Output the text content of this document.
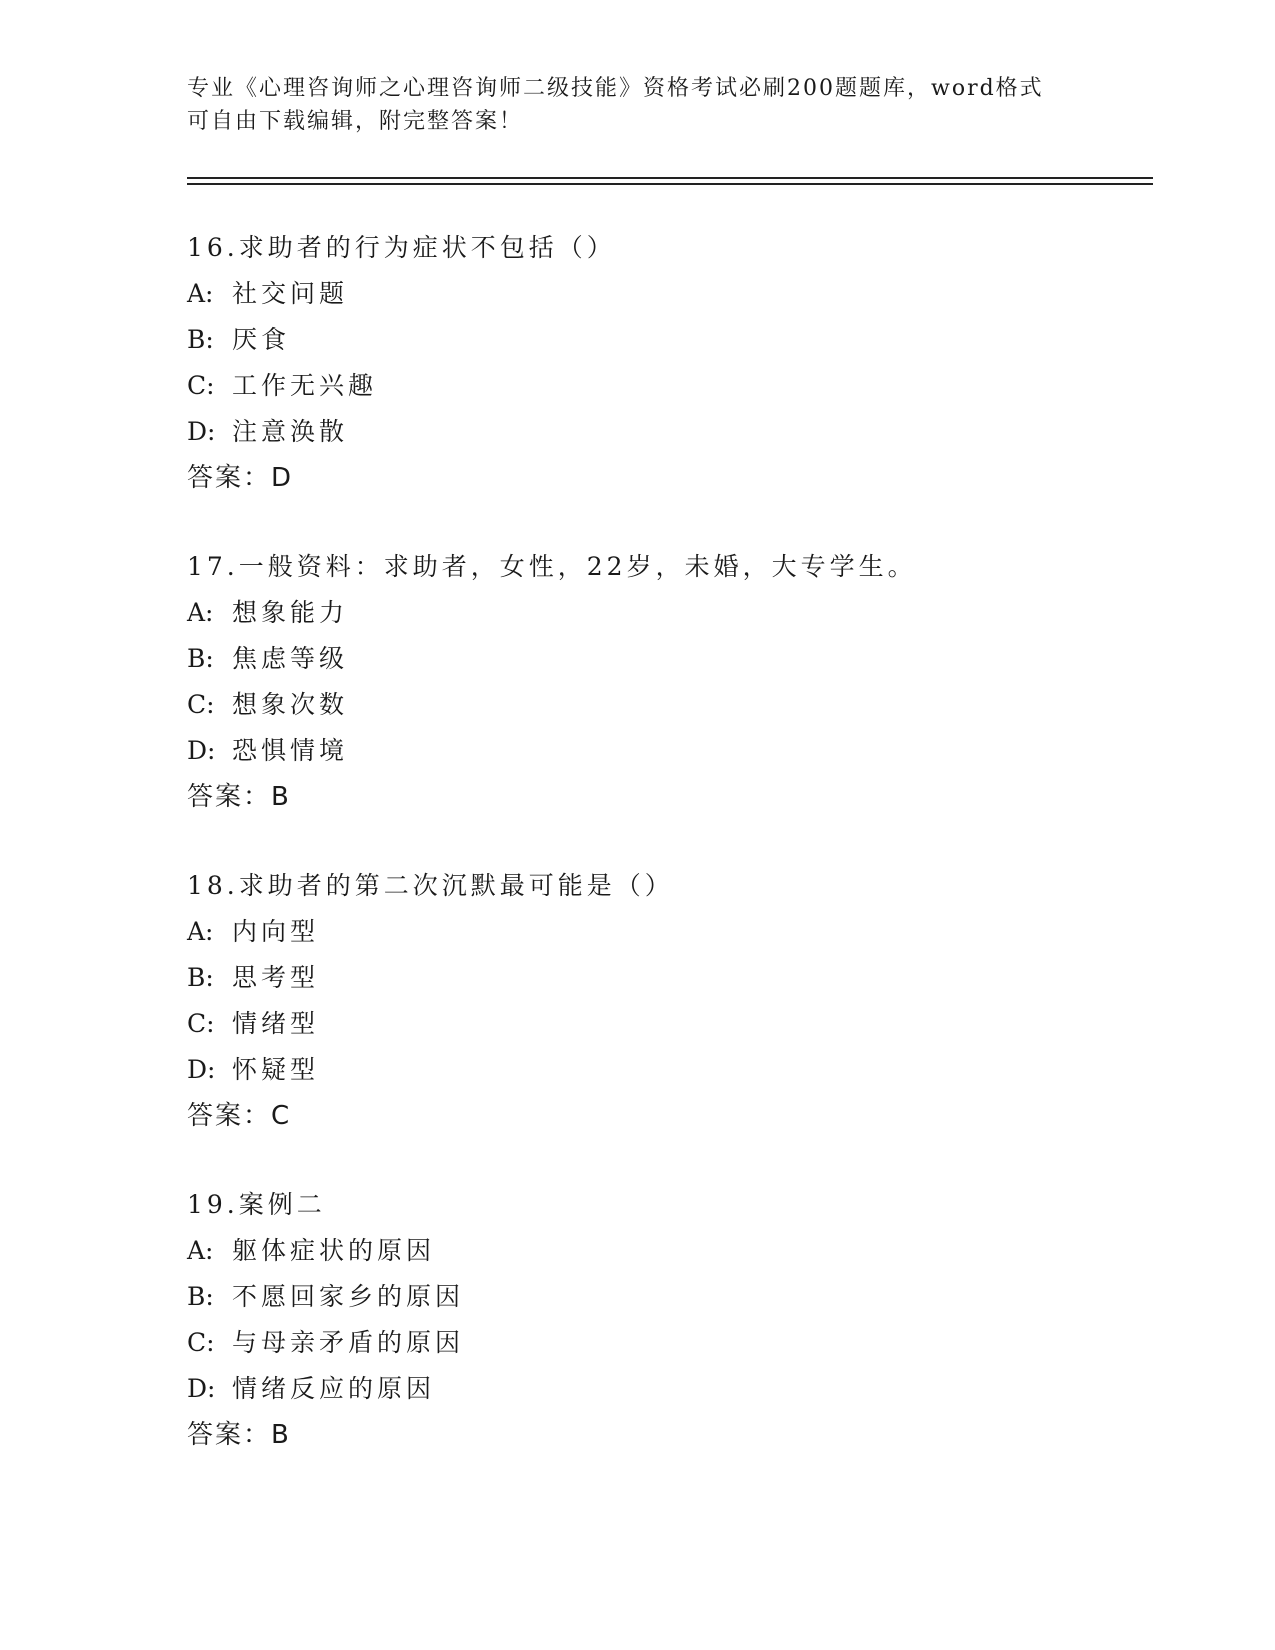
专业《心理咨询师之心理咨询师二级技能》资格考试必刷200题题库，word格式
可自由下载编辑，附完整答案！
16.求助者的行为症状不包括（）
A: 社交问题
B: 厌食
C: 工作无兴趣
D: 注意涣散
答案：D
17.一般资料：求助者，女性，22岁，未婚，大专学生。
A: 想象能力
B: 焦虑等级
C: 想象次数
D: 恐惧情境
答案：B
18.求助者的第二次沉默最可能是（）
A: 内向型
B: 思考型
C: 情绪型
D: 怀疑型
答案：C
19.案例二
A: 躯体症状的原因
B: 不愿回家乡的原因
C: 与母亲矛盾的原因
D: 情绪反应的原因
答案：B
